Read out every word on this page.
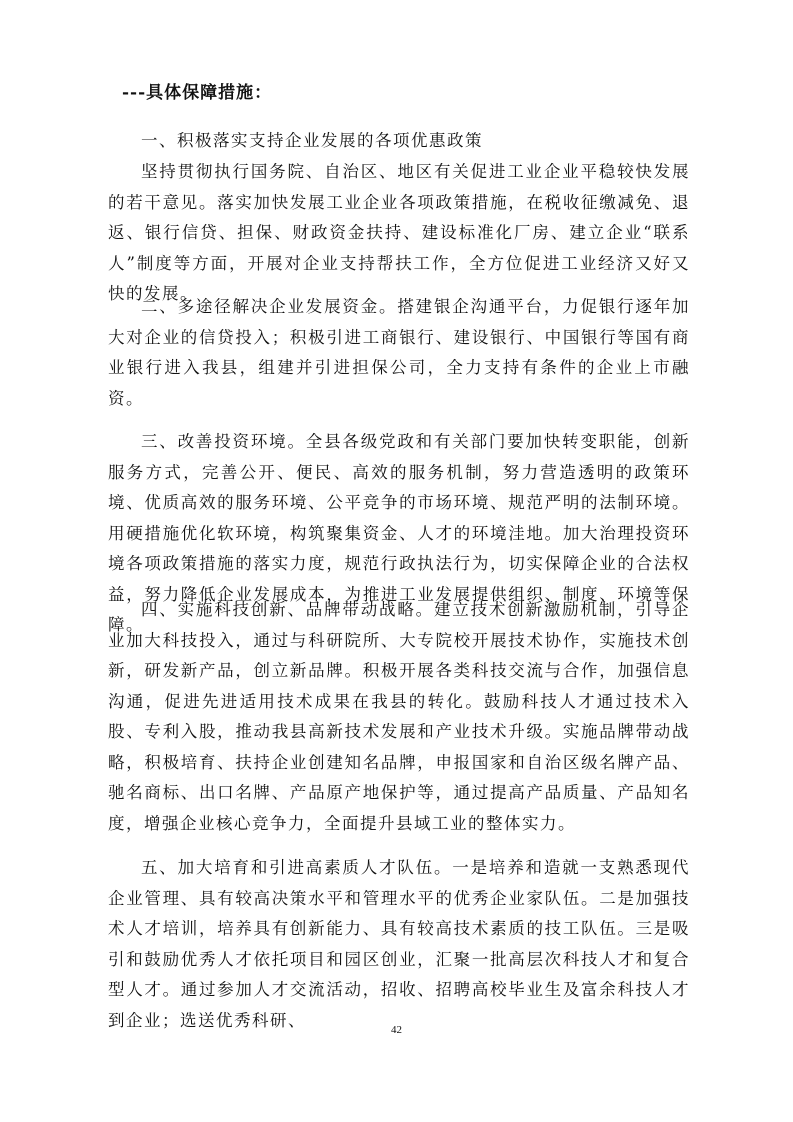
---具体保障措施：

一、积极落实支持企业发展的各项优惠政策

坚持贯彻执行国务院、自治区、地区有关促进工业企业平稳较快发展的若干意见。落实加快发展工业企业各项政策措施，在税收征缴减免、退返、银行信贷、担保、财政资金扶持、建设标准化厂房、建立企业“联系人”制度等方面，开展对企业支持帮扶工作，全方位促进工业经济又好又快的发展。

二、多途径解决企业发展资金。搭建银企沟通平台，力促银行逐年加大对企业的信贷投入；积极引进工商银行、建设银行、中国银行等国有商业银行进入我县，组建并引进担保公司，全力支持有条件的企业上市融资。

三、改善投资环境。全县各级党政和有关部门要加快转变职能，创新服务方式，完善公开、便民、高效的服务机制，努力营造透明的政策环境、优质高效的服务环境、公平竞争的市场环境、规范严明的法制环境。用硬措施优化软环境，构筑聚集资金、人才的环境洼地。加大治理投资环境各项政策措施的落实力度，规范行政执法行为，切实保障企业的合法权益，努力降低企业发展成本，为推进工业发展提供组织、制度、环境等保障。

四、实施科技创新、品牌带动战略。建立技术创新激励机制，引导企业加大科技投入，通过与科研院所、大专院校开展技术协作，实施技术创新，研发新产品，创立新品牌。积极开展各类科技交流与合作，加强信息沟通，促进先进适用技术成果在我县的转化。鼓励科技人才通过技术入股、专利入股，推动我县高新技术发展和产业技术升级。实施品牌带动战略，积极培育、扶持企业创建知名品牌，申报国家和自治区级名牌产品、驰名商标、出口名牌、产品原产地保护等，通过提高产品质量、产品知名度，增强企业核心竞争力，全面提升县域工业的整体实力。

五、加大培育和引进高素质人才队伍。一是培养和造就一支熟悉现代企业管理、具有较高决策水平和管理水平的优秀企业家队伍。二是加强技术人才培训，培养具有创新能力、具有较高技术素质的技工队伍。三是吸引和鼓励优秀人才依托项目和园区创业，汇聚一批高层次科技人才和复合型人才。通过参加人才交流活动，招收、招聘高校毕业生及富余科技人才到企业；选送优秀科研、

42
